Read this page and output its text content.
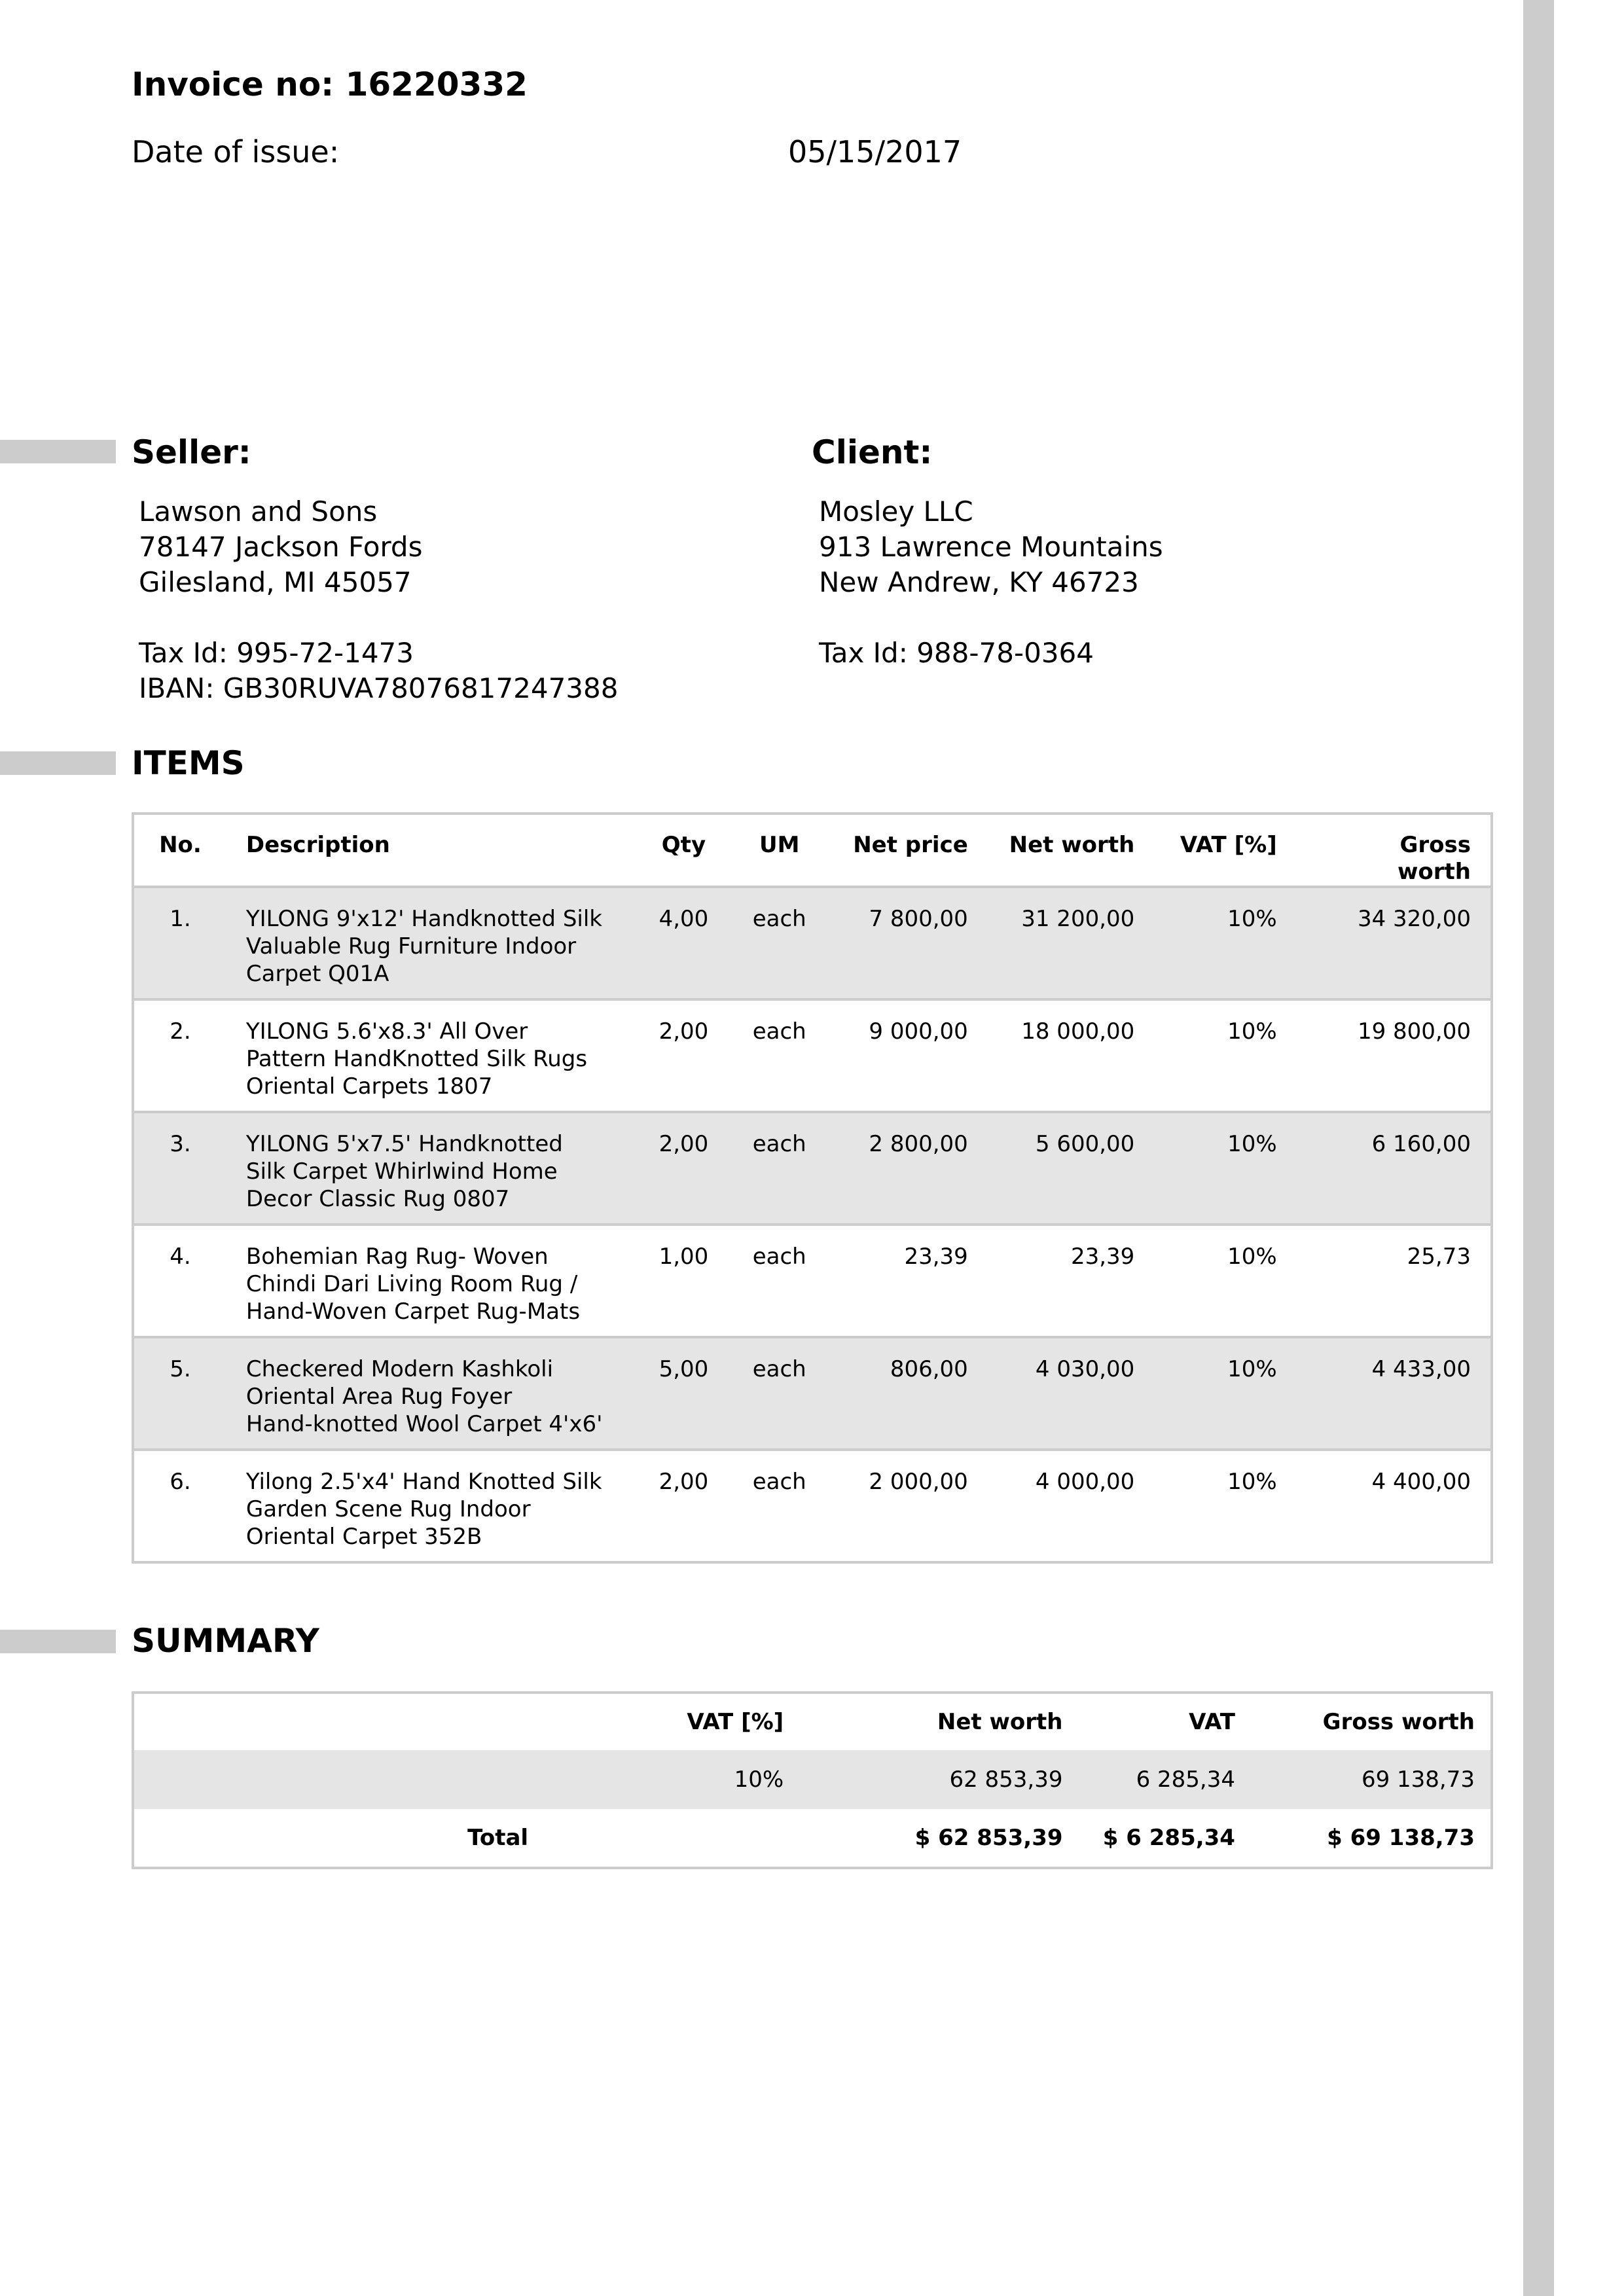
Invoice no: 16220332
Date of issue:	05/15/2017
Seller:
Lawson and Sons
78147 Jackson Fords
Gilesland, MI 45057
Tax Id: 995-72-1473
IBAN: GB30RUVA78076817247388
Client:
Mosley LLC
913 Lawrence Mountains
New Andrew, KY 46723
Tax Id: 988-78-0364
ITEMS
No.	Description	Qty	UM	Net price	Net worth	VAT [%]	Gross
worth

1.	YILONG 9'x12' Handknotted Silk
Valuable Rug Furniture Indoor
Carpet Q01A	4,00	each	7 800,00	31 200,00	10%	34 320,00
2.	YILONG 5.6'x8.3' All Over
Pattern HandKnotted Silk Rugs
Oriental Carpets 1807	2,00	each	9 000,00	18 000,00	10%	19 800,00
3.	YILONG 5'x7.5' Handknotted
Silk Carpet Whirlwind Home
Decor Classic Rug 0807	2,00	each	2 800,00	5 600,00	10%	6 160,00
4.	Bohemian Rag Rug- Woven
Chindi Dari Living Room Rug /
Hand-Woven Carpet Rug-Mats	1,00	each	23,39	23,39	10%	25,73
5.	Checkered Modern Kashkoli
Oriental Area Rug Foyer
Hand-knotted Wool Carpet 4'x6'	5,00	each	806,00	4 030,00	10%	4 433,00
6.	Yilong 2.5'x4' Hand Knotted Silk
Garden Scene Rug Indoor
Oriental Carpet 352B	2,00	each	2 000,00	4 000,00	10%	4 400,00
SUMMARY
	VAT [%]	Net worth	VAT	Gross worth
	10%	62 853,39	6 285,34	69 138,73
Total		$ 62 853,39	$ 6 285,34	$ 69 138,73
